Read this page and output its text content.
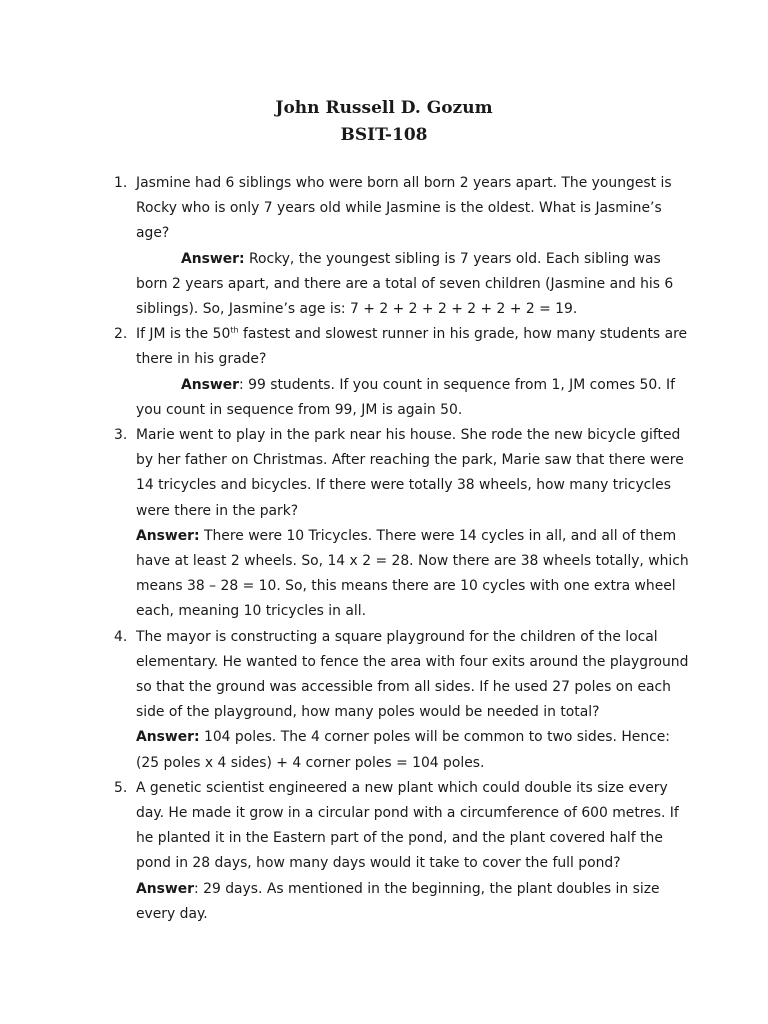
John Russell D. Gozum
BSIT-108
1. Jasmine had 6 siblings who were born all born 2 years apart. The youngest is Rocky who is only 7 years old while Jasmine is the oldest. What is Jasmine’s age?
Answer: Rocky, the youngest sibling is 7 years old. Each sibling was born 2 years apart, and there are a total of seven children (Jasmine and his 6 siblings). So, Jasmine’s age is: 7 + 2 + 2 + 2 + 2 + 2 + 2 = 19.
2. If JM is the 50th fastest and slowest runner in his grade, how many students are there in his grade?
Answer: 99 students. If you count in sequence from 1, JM comes 50. If you count in sequence from 99, JM is again 50.
3. Marie went to play in the park near his house. She rode the new bicycle gifted by her father on Christmas. After reaching the park, Marie saw that there were 14 tricycles and bicycles. If there were totally 38 wheels, how many tricycles were there in the park?
Answer: There were 10 Tricycles. There were 14 cycles in all, and all of them have at least 2 wheels. So, 14 x 2 = 28. Now there are 38 wheels totally, which means 38 – 28 = 10. So, this means there are 10 cycles with one extra wheel each, meaning 10 tricycles in all.
4. The mayor is constructing a square playground for the children of the local elementary. He wanted to fence the area with four exits around the playground so that the ground was accessible from all sides. If he used 27 poles on each side of the playground, how many poles would be needed in total?
Answer: 104 poles. The 4 corner poles will be common to two sides. Hence: (25 poles x 4 sides) + 4 corner poles = 104 poles.
5. A genetic scientist engineered a new plant which could double its size every day. He made it grow in a circular pond with a circumference of 600 metres. If he planted it in the Eastern part of the pond, and the plant covered half the pond in 28 days, how many days would it take to cover the full pond?
Answer: 29 days. As mentioned in the beginning, the plant doubles in size every day.
